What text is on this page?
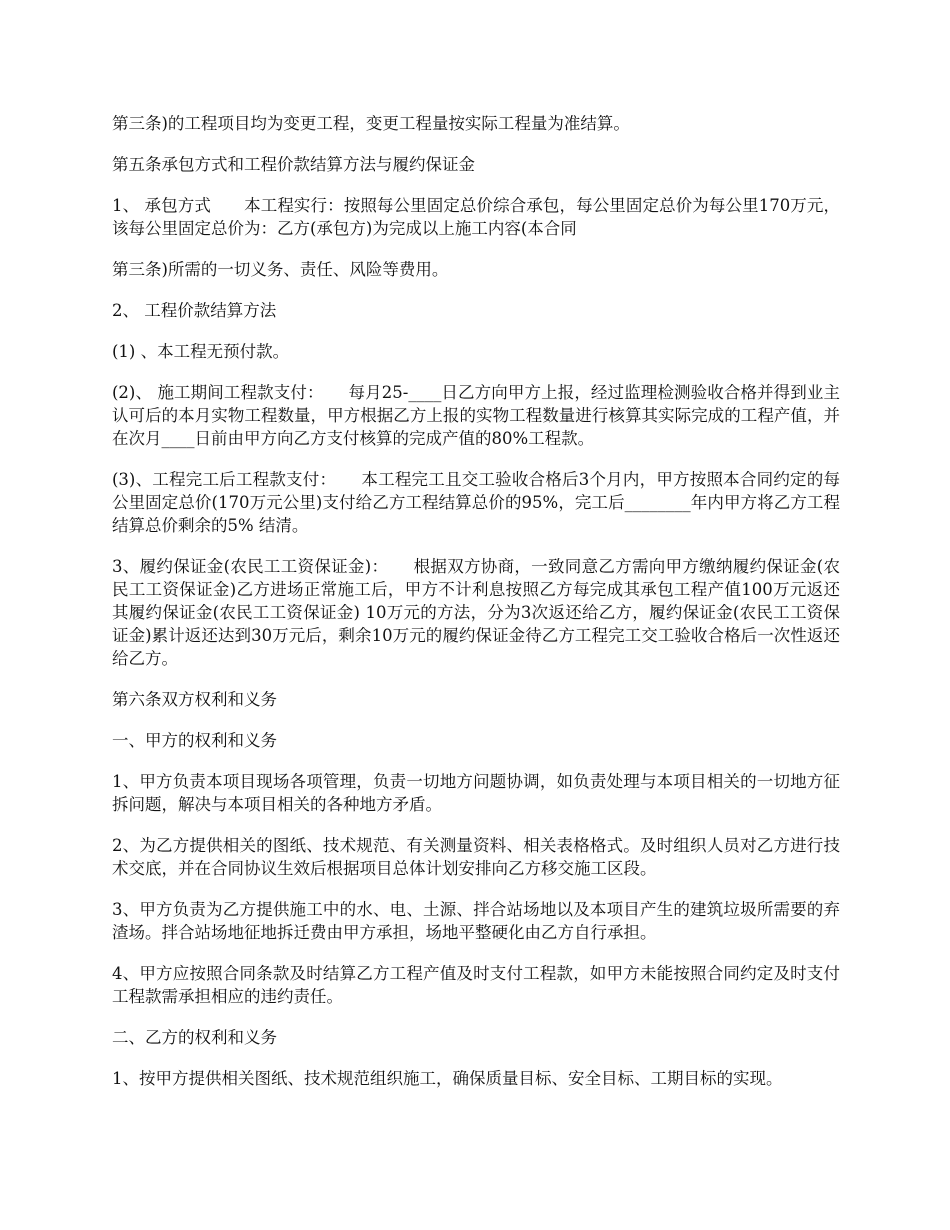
第三条)的工程项目均为变更工程，变更工程量按实际工程量为准结算。

第五条承包方式和工程价款结算方法与履约保证金

1、 承包方式　　本工程实行：按照每公里固定总价综合承包，每公里固定总价为每公里170万元，该每公里固定总价为：乙方(承包方)为完成以上施工内容(本合同

第三条)所需的一切义务、责任、风险等费用。

2、 工程价款结算方法

(1) 、本工程无预付款。

(2)、 施工期间工程款支付：　　每月25-____日乙方向甲方上报，经过监理检测验收合格并得到业主认可后的本月实物工程数量，甲方根据乙方上报的实物工程数量进行核算其实际完成的工程产值，并在次月____日前由甲方向乙方支付核算的完成产值的80%工程款。

(3)、工程完工后工程款支付：　　本工程完工且交工验收合格后3个月内，甲方按照本合同约定的每公里固定总价(170万元公里)支付给乙方工程结算总价的95%，完工后________年内甲方将乙方工程结算总价剩余的5% 结清。

3、履约保证金(农民工工资保证金)：　　根据双方协商，一致同意乙方需向甲方缴纳履约保证金(农民工工资保证金)乙方进场正常施工后，甲方不计利息按照乙方每完成其承包工程产值100万元返还其履约保证金(农民工工资保证金) 10万元的方法，分为3次返还给乙方，履约保证金(农民工工资保证金)累计返还达到30万元后，剩余10万元的履约保证金待乙方工程完工交工验收合格后一次性返还给乙方。

第六条双方权利和义务

一、甲方的权利和义务

1、甲方负责本项目现场各项管理，负责一切地方问题协调，如负责处理与本项目相关的一切地方征拆问题，解决与本项目相关的各种地方矛盾。

2、为乙方提供相关的图纸、技术规范、有关测量资料、相关表格格式。及时组织人员对乙方进行技术交底，并在合同协议生效后根据项目总体计划安排向乙方移交施工区段。

3、甲方负责为乙方提供施工中的水、电、土源、拌合站场地以及本项目产生的建筑垃圾所需要的弃渣场。拌合站场地征地拆迁费由甲方承担，场地平整硬化由乙方自行承担。

4、甲方应按照合同条款及时结算乙方工程产值及时支付工程款，如甲方未能按照合同约定及时支付工程款需承担相应的违约责任。

二、乙方的权利和义务

1、按甲方提供相关图纸、技术规范组织施工，确保质量目标、安全目标、工期目标的实现。
